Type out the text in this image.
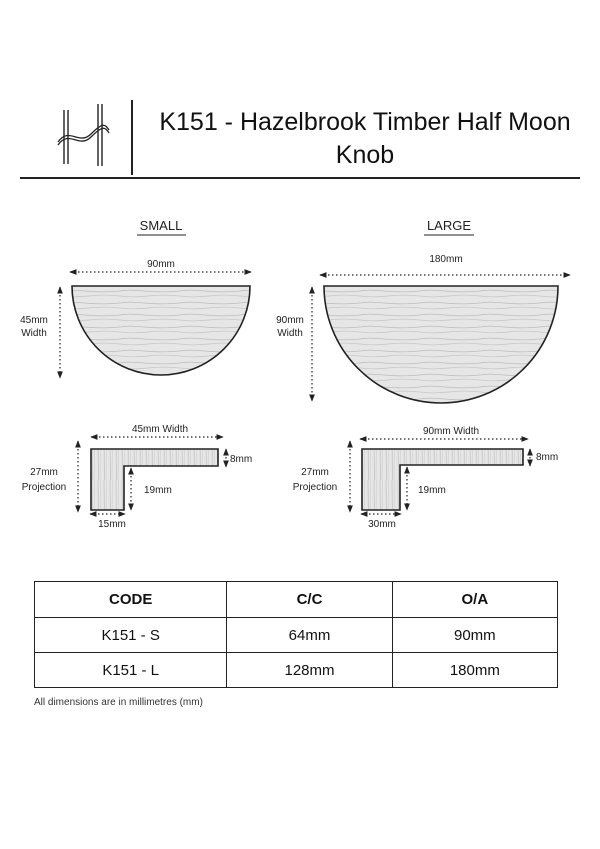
K151 - Hazelbrook Timber Half Moon Knob
SMALL
90mm
45mm
Width
45mm Width
27mm
Projection
8mm
19mm
15mm
LARGE
180mm
90mm
Width
90mm Width
27mm
Projection
8mm
19mm
30mm
CODE	C/C	O/A
K151 - S	64mm	90mm
K151 - L	128mm	180mm
All dimensions are in millimetres (mm)
